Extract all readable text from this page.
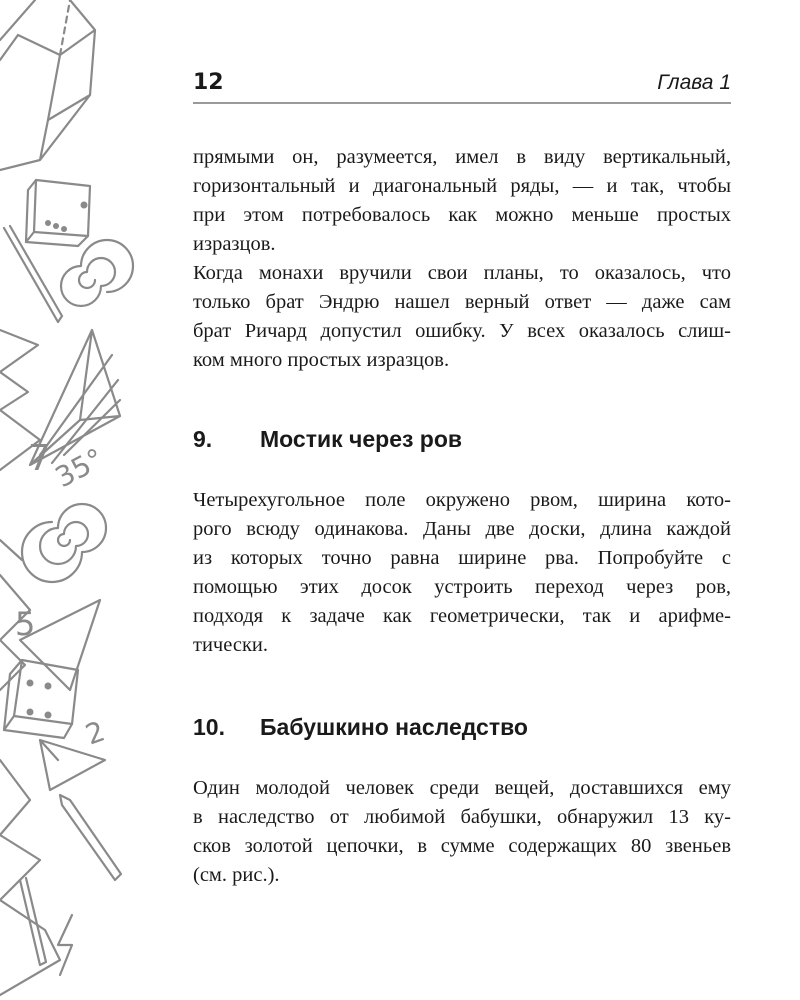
35°
7
5
2
12	Глава 1
прямыми он, разумеется, имел в виду вертикальный,
горизонтальный и диагональный ряды, — и так, чтобы
при этом потребовалось как можно меньше простых
изразцов.
Когда монахи вручили свои планы, то оказалось, что
только брат Эндрю нашел верный ответ — даже сам
брат Ричард допустил ошибку. У всех оказалось слиш-
ком много простых изразцов.
9. Мостик через ров
Четырехугольное поле окружено рвом, ширина кото-
рого всюду одинакова. Даны две доски, длина каждой
из которых точно равна ширине рва. Попробуйте с
помощью этих досок устроить переход через ров,
подходя к задаче как геометрически, так и арифме-
тически.
10. Бабушкино наследство
Один молодой человек среди вещей, доставшихся ему
в наследство от любимой бабушки, обнаружил 13 ку-
сков золотой цепочки, в сумме содержащих 80 звеньев
(см. рис.).
